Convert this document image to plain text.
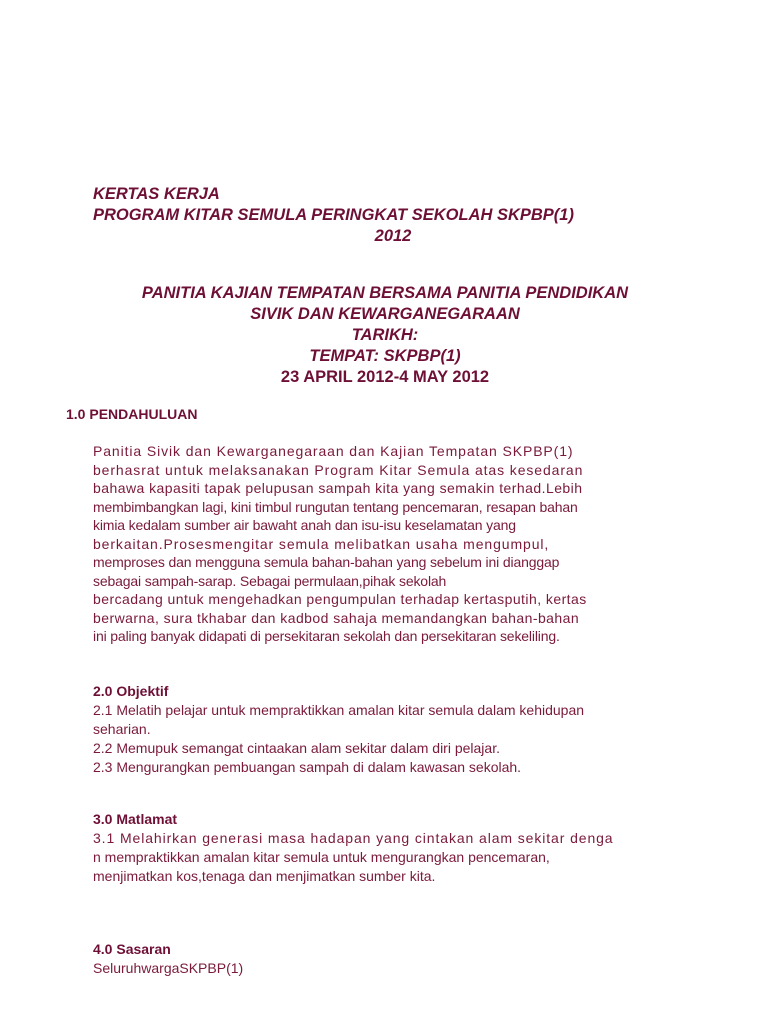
KERTAS KERJA
PROGRAM KITAR SEMULA PERINGKAT SEKOLAH SKPBP(1)
2012
PANITIA KAJIAN TEMPATAN BERSAMA PANITIA PENDIDIKAN
SIVIK DAN KEWARGANEGARAAN
TARIKH:
TEMPAT: SKPBP(1)
23 APRIL 2012-4 MAY 2012
1.0 PENDAHULUAN
Panitia Sivik dan Kewarganegaraan dan Kajian Tempatan SKPBP(1)
berhasrat untuk melaksanakan Program Kitar Semula atas kesedaran
bahawa kapasiti tapak pelupusan sampah kita yang semakin terhad.Lebih
membimbangkan lagi, kini timbul rungutan tentang pencemaran, resapan bahan
kimia kedalam sumber air bawaht anah dan isu-isu keselamatan yang
berkaitan.Prosesmengitar semula melibatkan usaha mengumpul,
memproses dan mengguna semula bahan-bahan yang sebelum ini dianggap
sebagai sampah-sarap. Sebagai permulaan,pihak sekolah
bercadang untuk mengehadkan pengumpulan terhadap kertasputih, kertas
berwarna, sura tkhabar dan kadbod sahaja memandangkan bahan-bahan
ini paling banyak didapati di persekitaran sekolah dan persekitaran sekeliling.
2.0 Objektif
2.1 Melatih pelajar untuk mempraktikkan amalan kitar semula dalam kehidupan
seharian.
2.2 Memupuk semangat cintaakan alam sekitar dalam diri pelajar.
2.3 Mengurangkan pembuangan sampah di dalam kawasan sekolah.
3.0 Matlamat
3.1 Melahirkan generasi masa hadapan yang cintakan alam sekitar denga
n mempraktikkan amalan kitar semula untuk mengurangkan pencemaran,
menjimatkan kos,tenaga dan menjimatkan sumber kita.
4.0 Sasaran
SeluruhwargaSKPBP(1)
